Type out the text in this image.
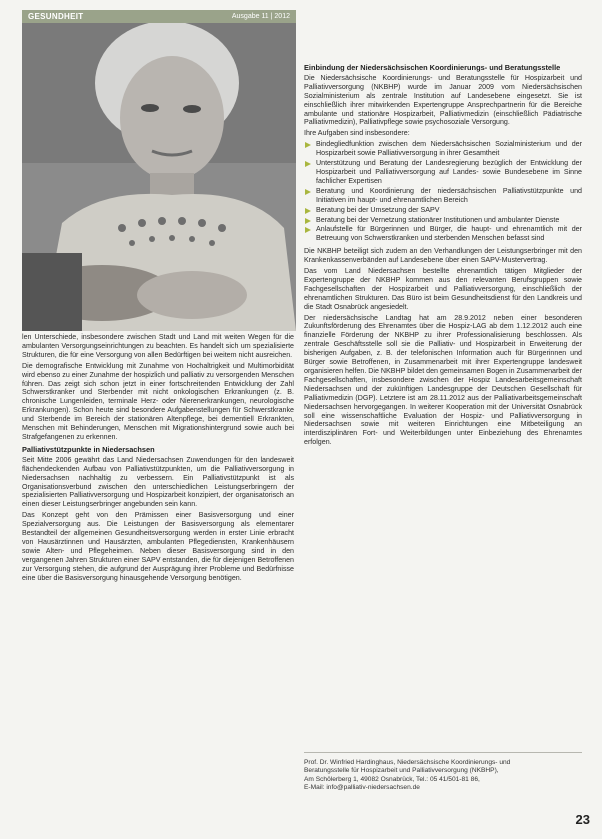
GESUNDHEIT	Ausgabe 11 | 2012

len Unterschiede, insbesondere zwischen Stadt und Land mit weiten Wegen für die ambulanten Versorgungseinrichtungen zu beachten. Es handelt sich um spezialisierte Strukturen, die für eine Versorgung von allen Bedürftigen bei weitem nicht ausreichen.

Die demografische Entwicklung mit Zunahme von Hochaltrigkeit und Multimorbidität wird ebenso zu einer Zunahme der hospizlich und palliativ zu versorgenden Menschen führen. Das zeigt sich schon jetzt in einer fortschreitenden Entwicklung der Zahl Schwerstkranker und Sterbender mit nicht onkologischen Erkrankungen (z. B. chronische Lungenleiden, terminale Herz- oder Nierenerkrankungen, neurologische Erkrankungen). Schon heute sind besondere Aufgabenstellungen für Schwerstkranke und Sterbende im Bereich der stationären Altenpflege, bei dementiell Erkrankten, Menschen mit Behinderungen, Menschen mit Migrationshintergrund sowie auch bei Strafgefangenen zu erkennen.

Palliativstützpunkte in Niedersachsen

Seit Mitte 2006 gewährt das Land Niedersachsen Zuwendungen für den landesweit flächendeckenden Aufbau von Palliativstützpunkten, um die Palliativversorgung in Niedersachsen nachhaltig zu verbessern. Ein Palliativstützpunkt ist als Organisationsverbund zwischen den unterschiedlichen Leistungserbringern der spezialisierten Palliativversorgung und Hospizarbeit konzipiert, der organisatorisch an einen dieser Leistungserbringer angebunden sein kann.

Das Konzept geht von den Prämissen einer Basisversorgung und einer Spezialversorgung aus. Die Leistungen der Basisversorgung als elementarer Bestandteil der allgemeinen Gesundheitsversorgung werden in erster Linie erbracht von Hausärztinnen und Hausärzten, ambulanten Pflegediensten, Krankenhäusern sowie Alten- und Pflegeheimen. Neben dieser Basisversorgung sind in den vergangenen Jahren Strukturen einer SAPV entstanden, die für diejenigen Betroffenen zur Versorgung stehen, die aufgrund der Ausprägung ihrer Probleme und Bedürfnisse eine über die Basisversorgung hinausgehende Versorgung benötigen.

Einbindung der Niedersächsischen Koordinierungs- und Beratungsstelle

Die Niedersächsische Koordinierungs- und Beratungsstelle für Hospizarbeit und Palliativversorgung (NKBHP) wurde im Januar 2009 vom Niedersächsischen Sozialministerium als zentrale Institution auf Landesebene eingesetzt. Sie ist einschließlich ihrer mitwirkenden Expertengruppe Ansprechpartnerin für die Bereiche ambulante und stationäre Hospizarbeit, Palliativmedizin (einschließlich Pädiatrische Palliativmedizin), Palliativpflege sowie psychosoziale Versorgung.

Ihre Aufgaben sind insbesondere:

Bindegliedfunktion zwischen dem Niedersächsischen Sozialministerium und der Hospizarbeit sowie Palliativversorgung in ihrer Gesamtheit
Unterstützung und Beratung der Landesregierung bezüglich der Entwicklung der Hospizarbeit und Palliativversorgung auf Landes- sowie Bundesebene im Sinne fachlicher Expertisen
Beratung und Koordinierung der niedersächsischen Palliativstützpunkte und Initiativen im haupt- und ehrenamtlichen Bereich
Beratung bei der Umsetzung der SAPV
Beratung bei der Vernetzung stationärer Institutionen und ambulanter Dienste
Anlaufstelle für Bürgerinnen und Bürger, die haupt- und ehrenamtlich mit der Betreuung von Schwerstkranken und sterbenden Menschen befasst sind

Die NKBHP beteiligt sich zudem an den Verhandlungen der Leistungserbringer mit den Krankenkassenverbänden auf Landesebene über einen SAPV-Mustervertrag.

Das vom Land Niedersachsen bestellte ehrenamtlich tätigen Mitglieder der Expertengruppe der NKBHP kommen aus den relevanten Berufsgruppen sowie Fachgesellschaften der Hospizarbeit und Palliativversorgung, einschließlich der ehrenamtlichen Strukturen. Das Büro ist beim Gesundheitsdienst für den Landkreis und die Stadt Osnabrück angesiedelt.

Der niedersächsische Landtag hat am 28.9.2012 neben einer besonderen Zukunftsförderung des Ehrenamtes über die Hospiz-LAG ab dem 1.12.2012 auch eine finanzielle Förderung der NKBHP zu ihrer Professionalisierung beschlossen. Als zentrale Geschäftsstelle soll sie die Palliativ- und Hospizarbeit in Erweiterung der bisherigen Aufgaben, z. B. der telefonischen Information auch für Bürgerinnen und Bürger sowie Betroffenen, in Zusammenarbeit mit ihrer Expertengruppe landesweit organisieren helfen. Die NKBHP bildet den gemeinsamen Bogen in Zusammenarbeit der Fachgesellschaften, insbesondere zwischen der Hospiz Landesarbeitsgemeinschaft Niedersachsen und der zukünftigen Landesgruppe der Deutschen Gesellschaft für Palliativmedizin (DGP). Letztere ist am 28.11.2012 aus der Palliativarbeitsgemeinschaft Niedersachsen hervorgegangen. In weiterer Kooperation mit der Universität Osnabrück soll eine wissenschaftliche Evaluation der Hospiz- und Palliativversorgung in Niedersachsen sowie mit weiteren Einrichtungen eine Mitbeteiligung an interdisziplinären Fort- und Weiterbildungen unter Einbeziehung des Ehrenamtes erfolgen.

Prof. Dr. Winfried Hardinghaus, Niedersächsische Koordinierungs- und
Beratungsstelle für Hospizarbeit und Palliativversorgung (NKBHP),
Am Schölerberg 1, 49082 Osnabrück, Tel.: 05 41/501-81 86,
E-Mail: info@palliativ-niedersachsen.de
23
